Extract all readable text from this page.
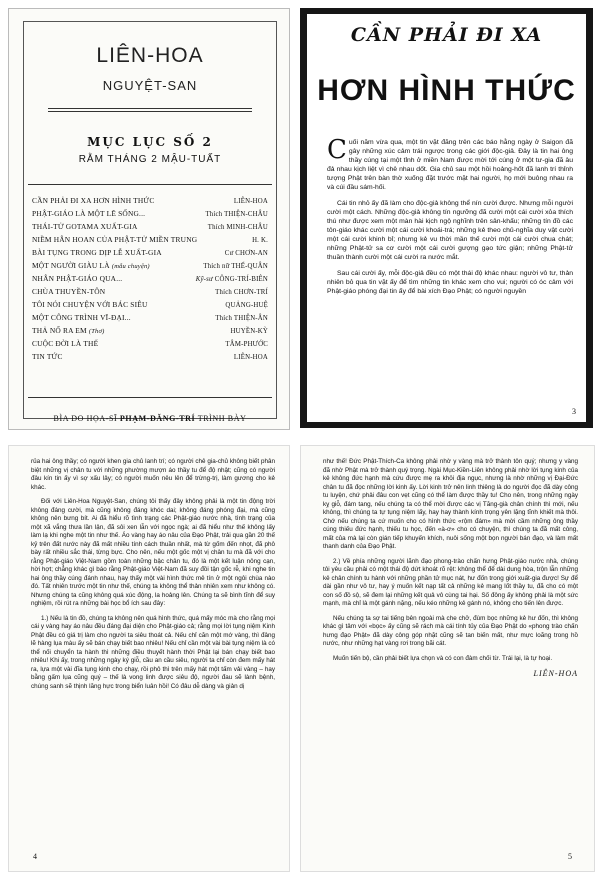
LIÊN-HOA
NGUYỆT-SAN
MỤC LỤC SỐ 2
RẰM THÁNG 2 MẬU-TUẤT
CẦN PHẢI ĐI XA HƠN HÌNH THỨC	LIÊN-HOA
PHẬT-GIÁO LÀ MỘT LẼ SỐNG...	Thích THIỆN-CHÂU
THÁI-TỬ GOTAMA XUẤT-GIA	Thích MINH-CHÂU
NIỀM HÂN HOAN CỦA PHẬT-TỬ MIỀN TRUNG	H. K.
BÀI TỤNG TRONG DỊP LỄ XUẤT-GIA	Cư CHƠN-AN
MỘT NGƯỜI GIÀU LÀ (mẫu chuyện)	Thích nữ THỂ-QUÂN
NHÂN PHẬT-GIÁO QUA...	Kỹ-sư CÔNG-TRÍ-BIÊN
CHÙA THUYỀN-TÔN	Thích CHƠN-TRÍ
TÔI NÓI CHUYỆN VỚI BÁC SIÊU	QUẢNG-HUỆ
MỘT CÔNG TRÌNH VĨ-ĐẠI...	Thích THIỆN-ÂN
THẢ NỔ RA EM (Thơ)	HUYỀN-KỲ
CUỘC ĐỜI LÀ THẾ	TÂM-PHƯỚC
TIN TỨC	LIÊN-HOA
BÌA DO HỌA-SĨ PHẠM-ĐĂNG-TRÍ TRÌNH BÀY
CẦN PHẢI ĐI XA
HƠN HÌNH THỨC

Cuối năm vừa qua, một tin vặt đăng trên các báo hằng ngày ở Saigon đã gây những xúc cảm trái ngược trong các giới độc-giả. Đây là tin hai ông thầy cúng tại một tỉnh ở miền Nam được mời tới cúng ở một tư-gia đã âu đả nhau kịch liệt vì chê nhau dốt. Gia chủ sau một hồi hoảng-hốt đã lanh trí thỉnh tượng Phật trên bàn thờ xuống đặt trước mặt hai người, họ mới buông nhau ra và cúi đầu sám-hối.

Cái tin nhỏ ấy đã làm cho độc-giả không thể nín cười được. Nhưng mỗi người cười một cách. Những độc-giả không tín ngưỡng đã cười một cái cười xỏa thích thú như được xem một màn hài kịch ngộ nghĩnh trên sân-khấu; những tín đồ các tôn-giáo khác cười một cái cười khoái-trá; những kẻ theo chủ-nghĩa duy vật cười một cái cười khinh bỉ; nhưng kẻ vu thời mần thế cười một cái cười chua chát; những Phật-tử sa cơ cười một cái cười gượng gạo tức giận; những Phật-tử thuần thành cười một cái cười ra nước mắt.

Sau cái cười ấy, mỗi độc-giả đều có một thái độ khác nhau: người vô tư, thản nhiên bỏ qua tin vặt ấy để tìm những tin khác xem cho vui; người có óc cảm với Phật-giáo phóng đại tin ấy để bài xích Đạo Phật; có người nguyền

3

rủa hai ông thầy; có người khen gia chủ lanh trí; có người chê gia-chủ không biết phân biệt những vị chân tu với những phường mượn áo thầy tu để độ nhật; cũng có người đâu kín tin ấy vì sợ xấu lây; có người muốn nêu lên để trừng-trị, làm gương cho kẻ khác.

Đối với Liên-Hoa Nguyệt-San, chúng tôi thấy đây không phải là một tin động trời không đáng cười, mà cũng không đáng khóc dai; không đáng phóng đại, mà cũng không nên bưng bít. Ai đã hiểu rõ tình trạng các Phật-giáo nước nhà, tình trạng của một xã vắng thưa lần lận, đã sôi xen lẫn với ngọc ngà; ai đã hiểu như thế không lấy làm lạ khi nghe một tin như thế. Áo vàng hay áo nâu của Đạo Phật, trải qua gần 20 thế kỷ trên đất nước này đã mất nhiều tính cách thuần nhất, mà từ gốm đến nhọt, đã phô bày rất nhiều sắc thái, từng bực. Cho nên, nếu một gốc một vị chân tu mà đã với cho rằng Phật-giáo Việt-Nam gồm toàn những bậc chân tu, đó là một kết luận nông cạn, hời hợt; chẳng khác gì báo rằng Phật-giáo Việt-Nam đã suy đồi tận gốc rễ, khi nghe tin hai ông thầy cúng đánh nhau, hay thấy một vài hình thức mê tín ở một ngôi chùa nào đó. Tất nhiên trước một tin như thế, chúng ta không thể thản nhiên xem như không có. Nhưng chúng ta cũng không quá xúc động, la hoảng lên. Chúng ta sẽ bình tĩnh để suy nghiệm, rồi rút ra những bài học bổ ích sau đây:

1.) Nếu là tin đồ, chúng ta không nên quá hình thức, quá mấy móc mà cho rằng mọi cái y vàng hay áo nâu đều đáng đại diện cho Phật-giáo cả; rằng mọi lời tụng niệm Kinh Phật đều có giá trị làm cho người ta siêu thoát cả. Nếu chỉ căn một mớ vàng, thì đâng lẽ hàng lụa màu ấy sẽ bán chạy biết bao nhiêu! Nếu chỉ cần một vài bài tụng niệm là có thể nối chuyển ta hành thì những điều thuyết hành thời Phật lại bán chạy biết bao nhiêu! Khi ấy, trong những ngày ký giỗ, cầu an cầu siêu, người ta chỉ còn đem mấy hát ra, lựa một vài đĩa tụng kinh cho chạy, rồi phô thì trên mấy hát một tấm vải vàng – hay bằng gấm lụa cũng quý – thế là vong linh được siêu độ, người đau sẽ lành bệnh, chúng sanh sẽ thịnh lăng hực trong biển luân hồi! Có đâu dễ dàng và giản dị

4

như thế! Đức Phật-Thích-Ca không phải nhờ y vàng mà trở thành tôn quý; nhưng y vàng đã nhờ Phật mà trở thành quý trọng. Ngài Mục-Kiền-Liên không phải nhờ lời tụng kinh của kẻ không đức hạnh mà cứu được mẹ ra khỏi địa ngục, nhưng là nhờ những vị Đại-Đức chân tu đã đọc những lời kinh ấy. Lời kinh trở nên linh thiêng là do người đọc đã dày công tu luyện, chứ phải đâu con vẹt cũng có thể làm được thầy tu! Cho nên, trong những ngày kỵ giỗ, đám tang, nếu chúng ta có thể mời được các vị Tăng-già chân chính thì mới, nếu không, thì chúng ta tự tụng niệm lấy, hay hay thành kính trọng yên lặng tĩnh khiết mà thôi. Chớ nếu chúng ta cứ muốn cho có hình thức «rộm đám» mà mời cầm những ông thầy cúng thiếu đức hạnh, thiếu tu học, đến «à-ơ» cho có chuyện, thì chúng ta đã mất công, mất của mà lại còn gián tiếp khuyến khích, nuôi sống một bọn người bán đạo, và làm mất thanh danh của Đạo Phật.

2.) Về phía những người lãnh đạo phong-trào chấn hưng Phật-giáo nước nhà, chúng tôi yêu cầu phải có một thái độ dứt khoát rõ rệt: không thể để dài dung hòa, trộn lẫn những kẻ chân chính tu hành với những phần tử mục nát, hư đốn trong giới xuất-gia được! Sự để dài gần như vô tư, hay ý muốn kết nạp tất cả những kẻ mang lốt thầy tu, đã cho có một con số đồ sộ, sẽ đem lại những kết quả vô cùng tai hại. Số đông ấy không phải là một sức mạnh, mà chỉ là một gánh nặng, nếu kéo những kẻ gánh nó, không cho tiến lên được.

Nếu chúng ta sợ tai tiếng bên ngoài mà che chở, đùm bọc những kẻ hư đốn, thì không khác gì tâm với «bọc» ấy cũng sẽ rách mà cái tính tủy của Đạo Phật do «phong trào chấn hưng đạo Phật» đã dày công góp nhặt cũng sẽ tan biến mất, như mực loãng trong hồ nước, như những hạt vàng rơi trong bãi cát.

Muốn tiến bộ, cần phải biết lựa chọn và có con đàm chối từ. Trái lại, là tự hoại.

LIÊN-HOA
5
